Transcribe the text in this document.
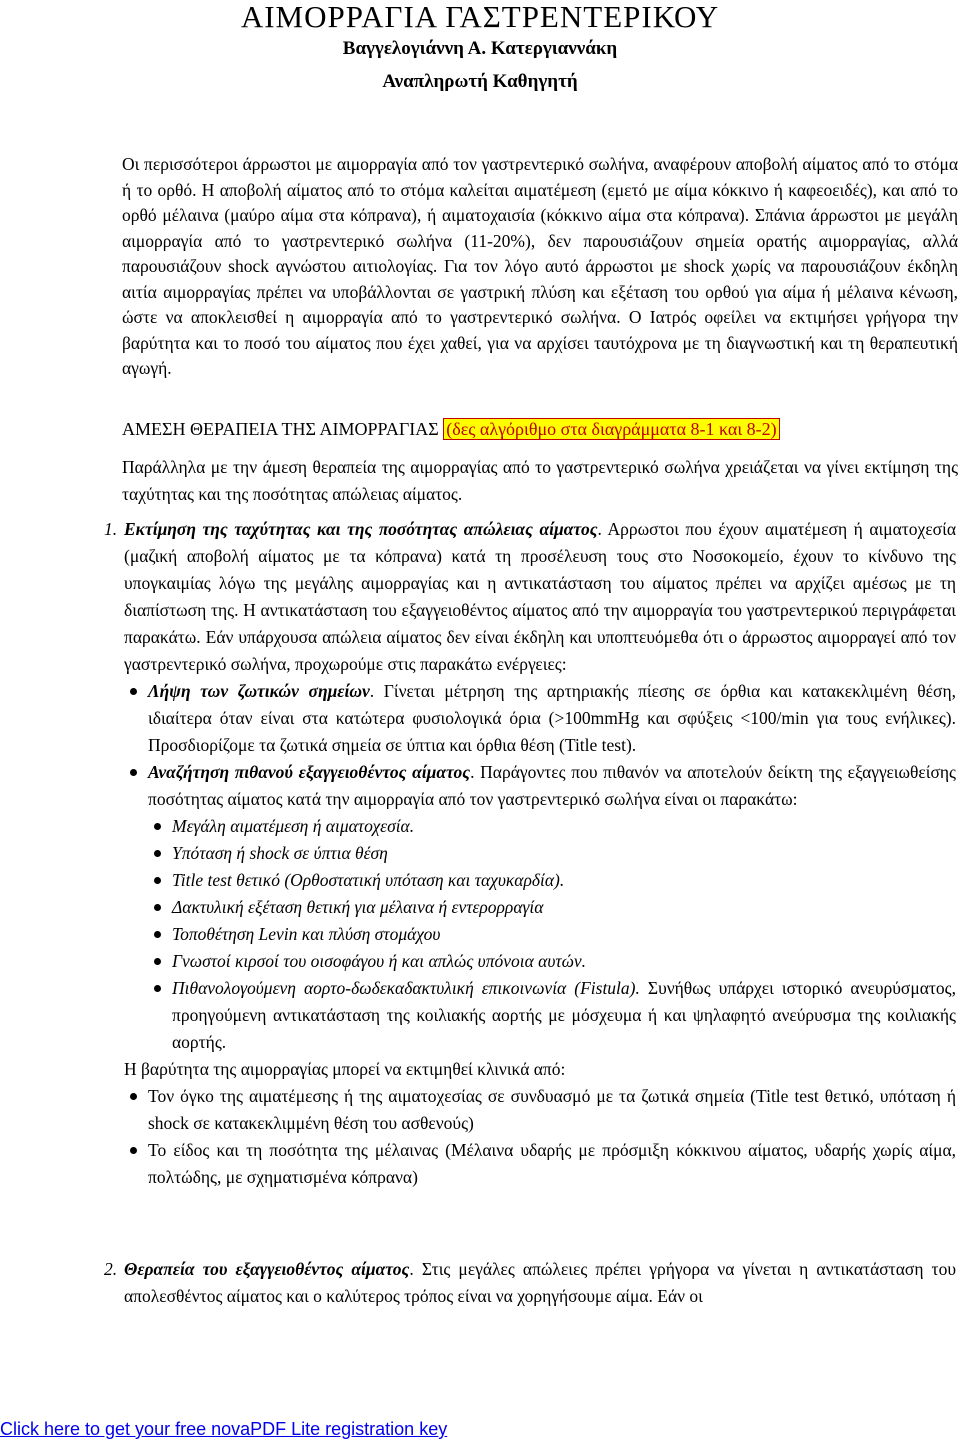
ΑΙΜΟΡΡΑΓΙΑ ΓΑΣΤΡΕΝΤΕΡΙΚΟΥ
Βαγγελογιάννη Α. Κατεργιαννάκη
Αναπληρωτή Καθηγητή

Οι περισσότεροι άρρωστοι με αιμορραγία από τον γαστρεντερικό σωλήνα, αναφέρουν αποβολή αίματος από το στόμα ή το ορθό. Η αποβολή αίματος από το στόμα καλείται αιματέμεση (εμετό με αίμα κόκκινο ή καφεοειδές), και από το ορθό μέλαινα (μαύρο αίμα στα κόπρανα), ή αιματοχαισία (κόκκινο αίμα στα κόπρανα). Σπάνια άρρωστοι με μεγάλη αιμορραγία από το γαστρεντερικό σωλήνα (11-20%), δεν παρουσιάζουν σημεία ορατής αιμορραγίας, αλλά παρουσιάζουν shock αγνώστου αιτιολογίας. Για τον λόγο αυτό άρρωστοι με shock χωρίς να παρουσιάζουν έκδηλη αιτία αιμορραγίας πρέπει να υποβάλλονται σε γαστρική πλύση και εξέταση του ορθού για αίμα ή μέλαινα κένωση, ώστε να αποκλεισθεί η αιμορραγία από το γαστρεντερικό σωλήνα. Ο Ιατρός οφείλει να εκτιμήσει γρήγορα την βαρύτητα και το ποσό του αίματος που έχει χαθεί, για να αρχίσει ταυτόχρονα με τη διαγνωστική και τη θεραπευτική αγωγή.

ΑΜΕΣΗ ΘΕΡΑΠΕΙΑ ΤΗΣ ΑΙΜΟΡΡΑΓΙΑΣ (δες αλγόριθμο στα διαγράμματα 8-1 και 8-2)
Παράλληλα με την άμεση θεραπεία της αιμορραγίας από το γαστρεντερικό σωλήνα χρειάζεται να γίνει εκτίμηση της ταχύτητας και της ποσότητας απώλειας αίματος.
1. Εκτίμηση της ταχύτητας και της ποσότητας απώλειας αίματος. Αρρωστοι που έχουν αιματέμεση ή αιματοχεσία (μαζική αποβολή αίματος με τα κόπρανα) κατά τη προσέλευση τους στο Νοσοκομείο, έχουν το κίνδυνο της υπογκαιμίας λόγω της μεγάλης αιμορραγίας και η αντικατάσταση του αίματος πρέπει να αρχίζει αμέσως με τη διαπίστωση της. Η αντικατάσταση του εξαγγειοθέντος αίματος από την αιμορραγία του γαστρεντερικού περιγράφεται παρακάτω. Εάν υπάρχουσα απώλεια αίματος δεν είναι έκδηλη και υποπτευόμεθα ότι ο άρρωστος αιμορραγεί από τον γαστρεντερικό σωλήνα, προχωρούμε στις παρακάτω ενέργειες:
Λήψη των ζωτικών σημείων. Γίνεται μέτρηση της αρτηριακής πίεσης σε όρθια και κατακεκλιμένη θέση, ιδιαίτερα όταν είναι στα κατώτερα φυσιολογικά όρια (>100mmHg και σφύξεις <100/min για τους ενήλικες). Προσδιορίζομε τα ζωτικά σημεία σε ύπτια και όρθια θέση (Title test).
Αναζήτηση πιθανού εξαγγειοθέντος αίματος. Παράγοντες που πιθανόν να αποτελούν δείκτη της εξαγγειωθείσης ποσότητας αίματος κατά την αιμορραγία από τον γαστρεντερικό σωλήνα είναι οι παρακάτω:
Μεγάλη αιματέμεση ή αιματοχεσία.
Υπόταση ή shock σε ύπτια θέση
Title test θετικό (Ορθοστατική υπόταση και ταχυκαρδία).
Δακτυλική εξέταση θετική για μέλαινα ή εντερορραγία
Τοποθέτηση Levin και πλύση στομάχου
Γνωστοί κιρσοί του οισοφάγου ή και απλώς υπόνοια αυτών.
Πιθανολογούμενη αορτο-δωδεκαδακτυλική επικοινωνία (Fistula). Συνήθως υπάρχει ιστορικό ανευρύσματος, προηγούμενη αντικατάσταση της κοιλιακής αορτής με μόσχευμα ή και ψηλαφητό ανεύρυσμα της κοιλιακής αορτής.
Η βαρύτητα της αιμορραγίας μπορεί να εκτιμηθεί κλινικά από:
Τον όγκο της αιματέμεσης ή της αιματοχεσίας σε συνδυασμό με τα ζωτικά σημεία (Title test θετικό, υπόταση ή shock σε κατακεκλιμμένη θέση του ασθενούς)
Το είδος και τη ποσότητα της μέλαινας (Μέλαινα υδαρής με πρόσμιξη κόκκινου αίματος, υδαρής χωρίς αίμα, πολτώδης, με σχηματισμένα κόπρανα)
2. Θεραπεία του εξαγγειοθέντος αίματος. Στις μεγάλες απώλειες πρέπει γρήγορα να γίνεται η αντικατάσταση του απολεσθέντος αίματος και ο καλύτερος τρόπος είναι να χορηγήσουμε αίμα. Εάν οι
Click here to get your free novaPDF Lite registration key
